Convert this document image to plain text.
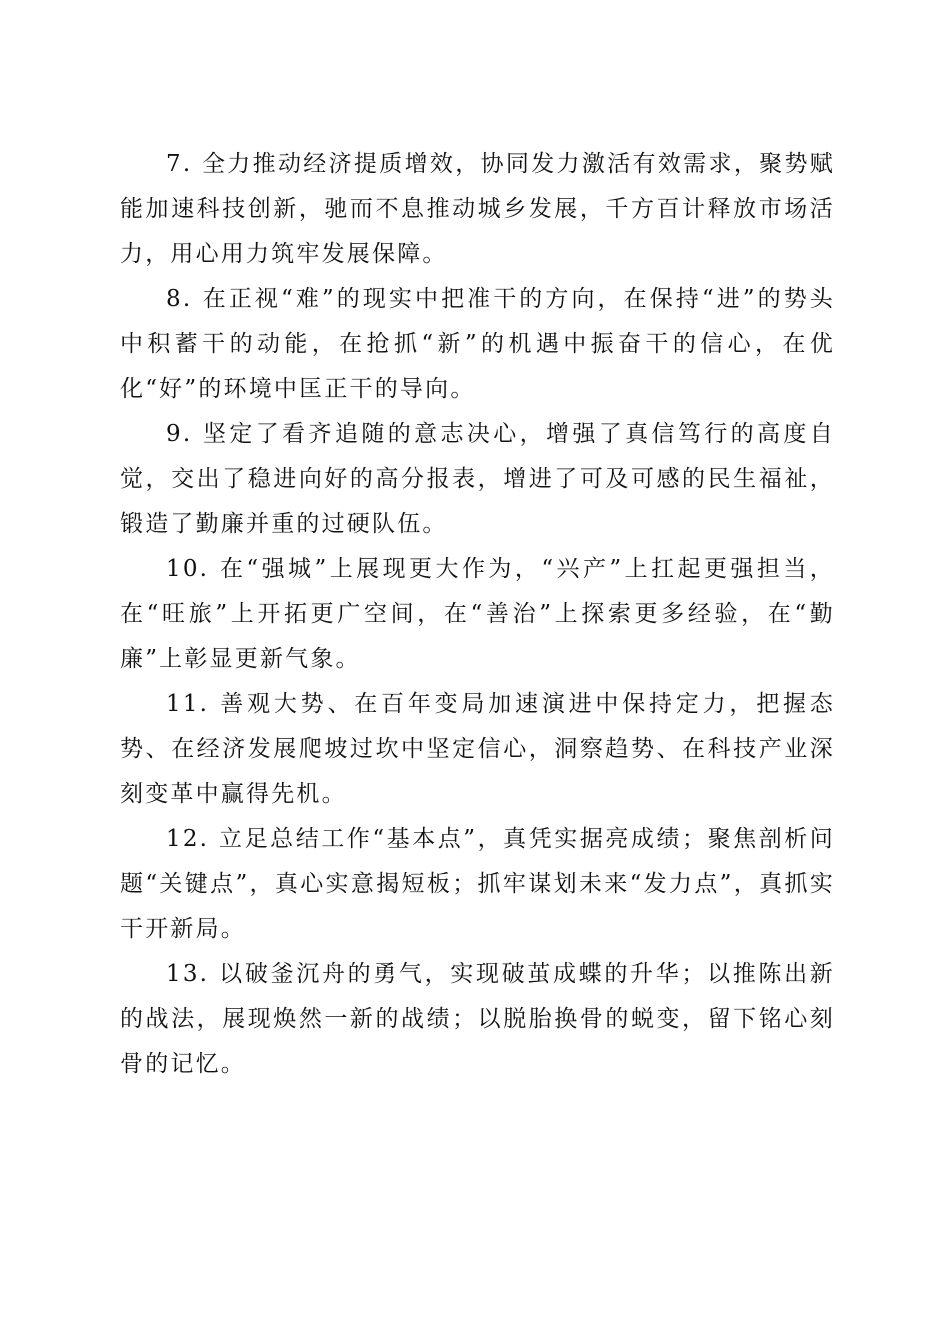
7. 全力推动经济提质增效，协同发力激活有效需求，聚势赋能加速科技创新，驰而不息推动城乡发展，千方百计释放市场活力，用心用力筑牢发展保障。

8. 在正视“难”的现实中把准干的方向，在保持“进”的势头中积蓄干的动能，在抢抓“新”的机遇中振奋干的信心，在优化“好”的环境中匡正干的导向。

9. 坚定了看齐追随的意志决心，增强了真信笃行的高度自觉，交出了稳进向好的高分报表，增进了可及可感的民生福祉，锻造了勤廉并重的过硬队伍。

10. 在“强城”上展现更大作为，“兴产”上扛起更强担当，在“旺旅”上开拓更广空间，在“善治”上探索更多经验，在“勤廉”上彰显更新气象。

11. 善观大势、在百年变局加速演进中保持定力，把握态势、在经济发展爬坡过坎中坚定信心，洞察趋势、在科技产业深刻变革中赢得先机。

12. 立足总结工作“基本点”，真凭实据亮成绩；聚焦剖析问题“关键点”，真心实意揭短板；抓牢谋划未来“发力点”，真抓实干开新局。

13. 以破釜沉舟的勇气，实现破茧成蝶的升华；以推陈出新的战法，展现焕然一新的战绩；以脱胎换骨的蜕变，留下铭心刻骨的记忆。
